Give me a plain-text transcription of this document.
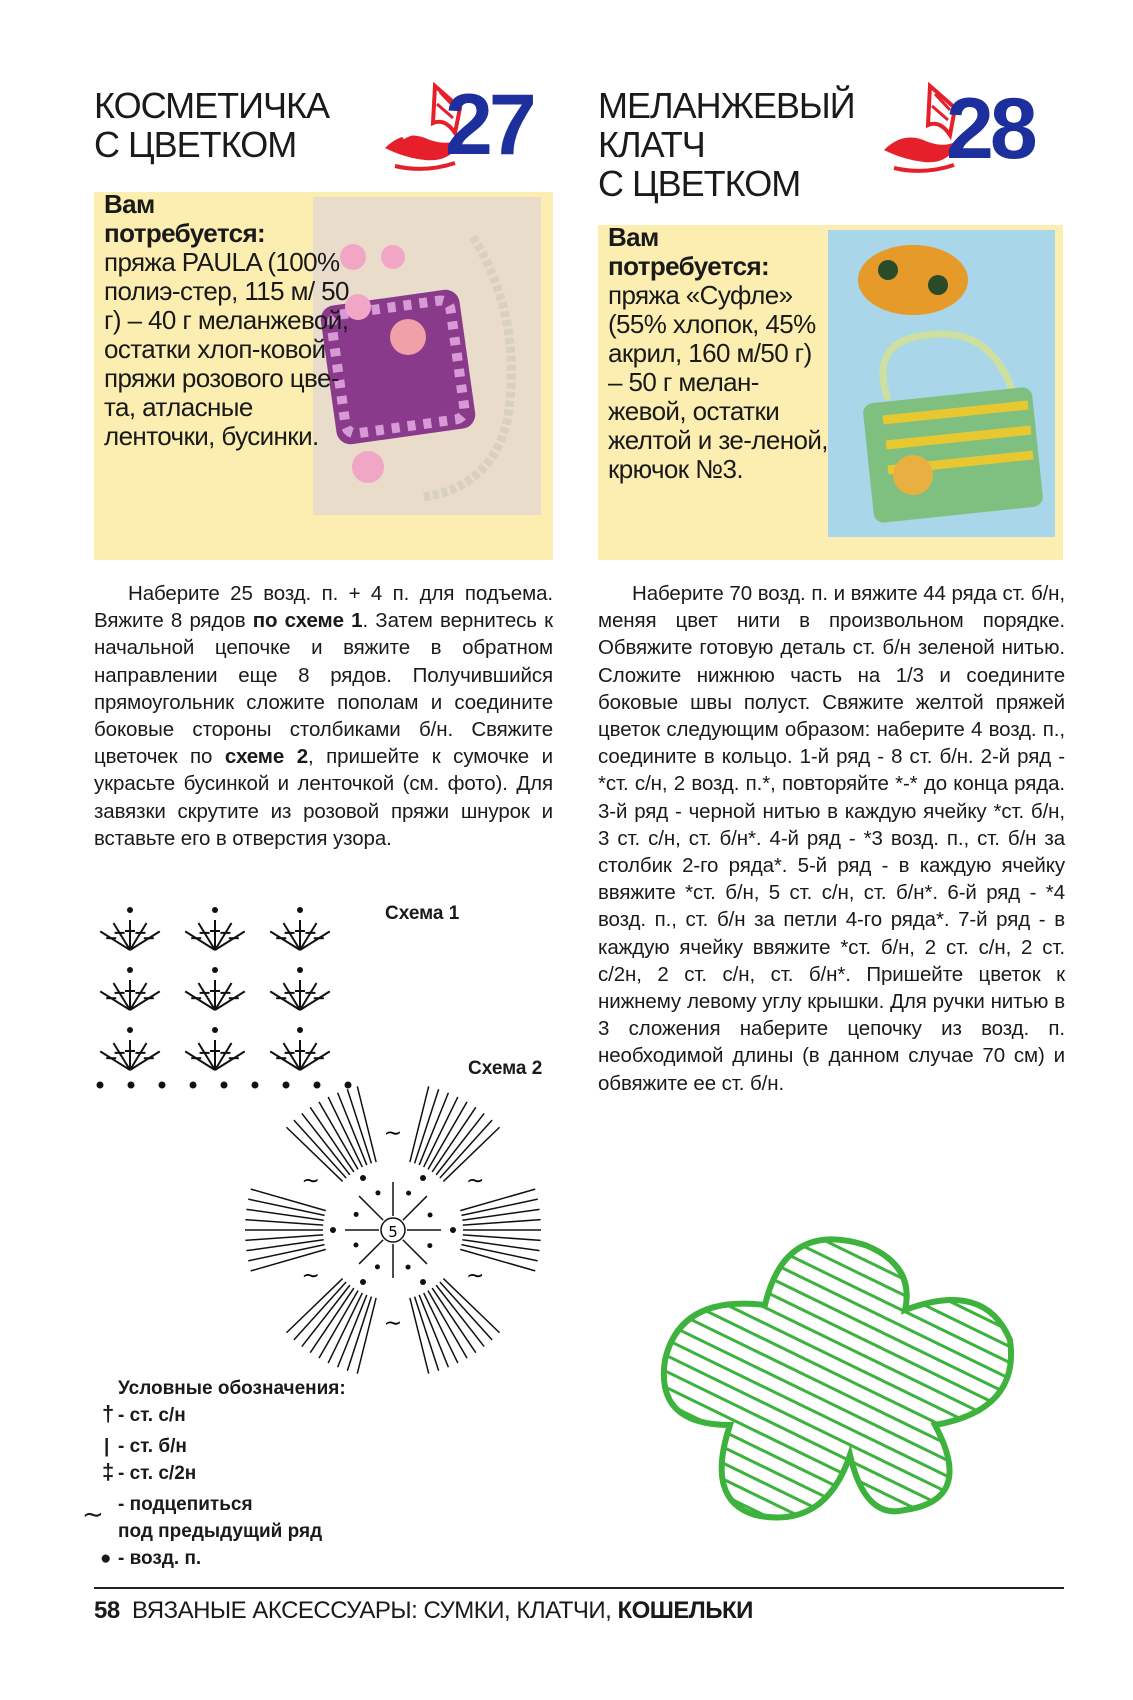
КОСМЕТИЧКА
С ЦВЕТКОМ	27 МЕЛАНЖЕВЫЙ
КЛАТЧ
С ЦВЕТКОМ
28
Вам
потребуется:
пряжа PAULA (100% полиэ-стер, 115 м/ 50 г) – 40 г меланжевой, остатки хлоп-ковой пряжи розового цве-та, атласные ленточки, бусинки.
Вам
потребуется:
пряжа «Суфле» (55% хлопок, 45% акрил, 160 м/50 г) – 50 г мелан-жевой, остатки желтой и зе-леной, крючок №3.

Наберите 25 возд. п. + 4 п. для подъема. Вяжите 8 рядов по схеме 1. Затем вернитесь к начальной цепочке и вяжите в обратном направлении еще 8 рядов. Получившийся прямоугольник сложите пополам и соедините боковые стороны столбиками б/н. Свяжите цветочек по схеме 2, пришейте к сумочке и украсьте бусинкой и ленточкой (см. фото). Для завязки скрутите из розовой пряжи шнурок и вставьте его в отверстия узора.

Наберите 70 возд. п. и вяжите 44 ряда ст. б/н, меняя цвет нити в произвольном порядке. Обвяжите готовую деталь ст. б/н зеленой нитью. Сложите нижнюю часть на 1/3 и соедините боковые швы полуст. Свяжите желтой пряжей цветок следующим образом: наберите 4 возд. п., соедините в кольцо. 1-й ряд - 8 ст. б/н. 2-й ряд - *ст. с/н, 2 возд. п.*, повторяйте *-* до конца ряда. 3-й ряд - черной нитью в каждую ячейку *ст. б/н, 3 ст. с/н, ст. б/н*. 4-й ряд - *3 возд. п., ст. б/н за столбик 2-го ряда*. 5-й ряд - в каждую ячейку ввяжите *ст. б/н, 5 ст. с/н, ст. б/н*. 6-й ряд - *4 возд. п., ст. б/н за петли 4-го ряда*. 7-й ряд - в каждую ячейку ввяжите *ст. б/н, 2 ст. с/н, 2 ст. с/2н, 2 ст. с/н, ст. б/н*. Пришейте цветок к нижнему левому углу крышки. Для ручки нитью в 3 сложения наберите цепочку из возд. п. необходимой длины (в данном случае 70 см) и обвяжите ее ст. б/н.

Схема 1
Схема 2
5
∼
∼
∼
∼
∼
∼
Условные обозначения:
† - ст. с/н
| - ст. б/н
‡ - ст. с/2н
∼ - подцепиться
под предыдущий ряд
● - возд. п.
58 ВЯЗАНЫЕ АКСЕССУАРЫ: СУМКИ, КЛАТЧИ, КОШЕЛЬКИ
